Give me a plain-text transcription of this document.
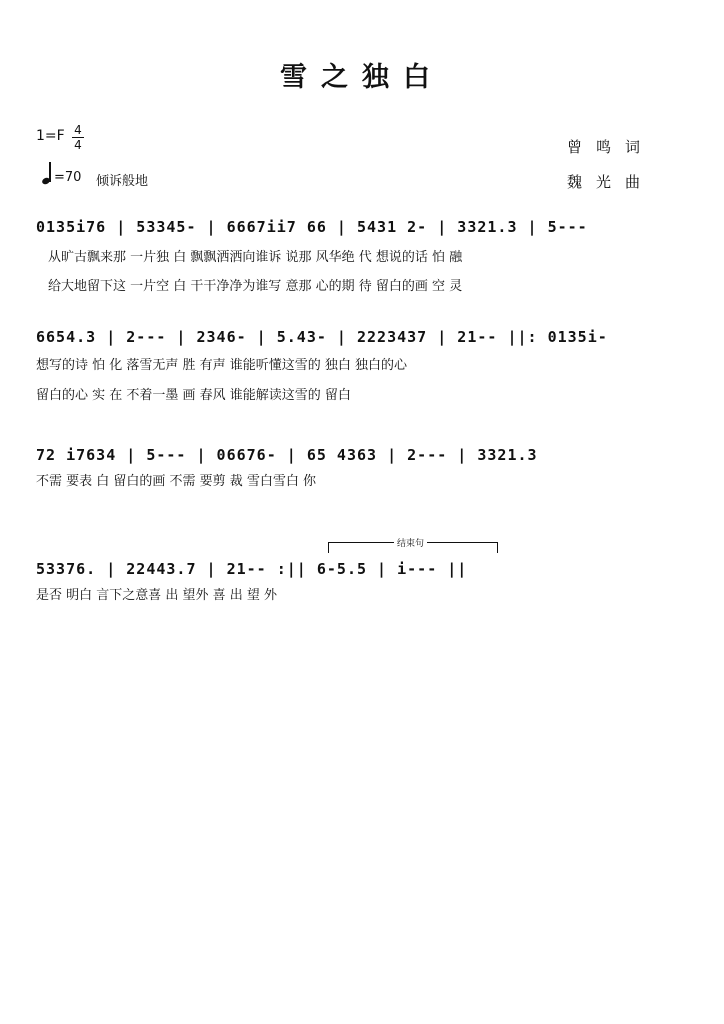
雪之独白
1=F 4
4
=70 倾诉般地
曾鸣词
魏光曲
0135i76 | 53345- | 6667ii7 66 | 5431 2- | 3321.3 | 5---
从旷古飘来那 一片独 白 飘飘洒洒向谁诉 说那 风华绝 代 想说的话 怕 融
给大地留下这 一片空 白 干干净净为谁写 意那 心的期 待 留白的画 空 灵
6654.3 | 2--- | 2346- | 5.43- | 2223437 | 21-- ||: 0135i-
想写的诗 怕 化 落雪无声 胜 有声 谁能听懂这雪的 独白 独白的心
留白的心 实 在 不着一墨 画 春风 谁能解读这雪的 留白
72 i7634 | 5--- | 06676- | 65 4363 | 2--- | 3321.3
不需 要表 白 留白的画 不需 要剪 裁 雪白雪白 你
结束句
53376. | 22443.7 | 21-- :|| 6-5.5 | i--- ||
是否 明白 言下之意喜 出 望外 喜 出 望 外
